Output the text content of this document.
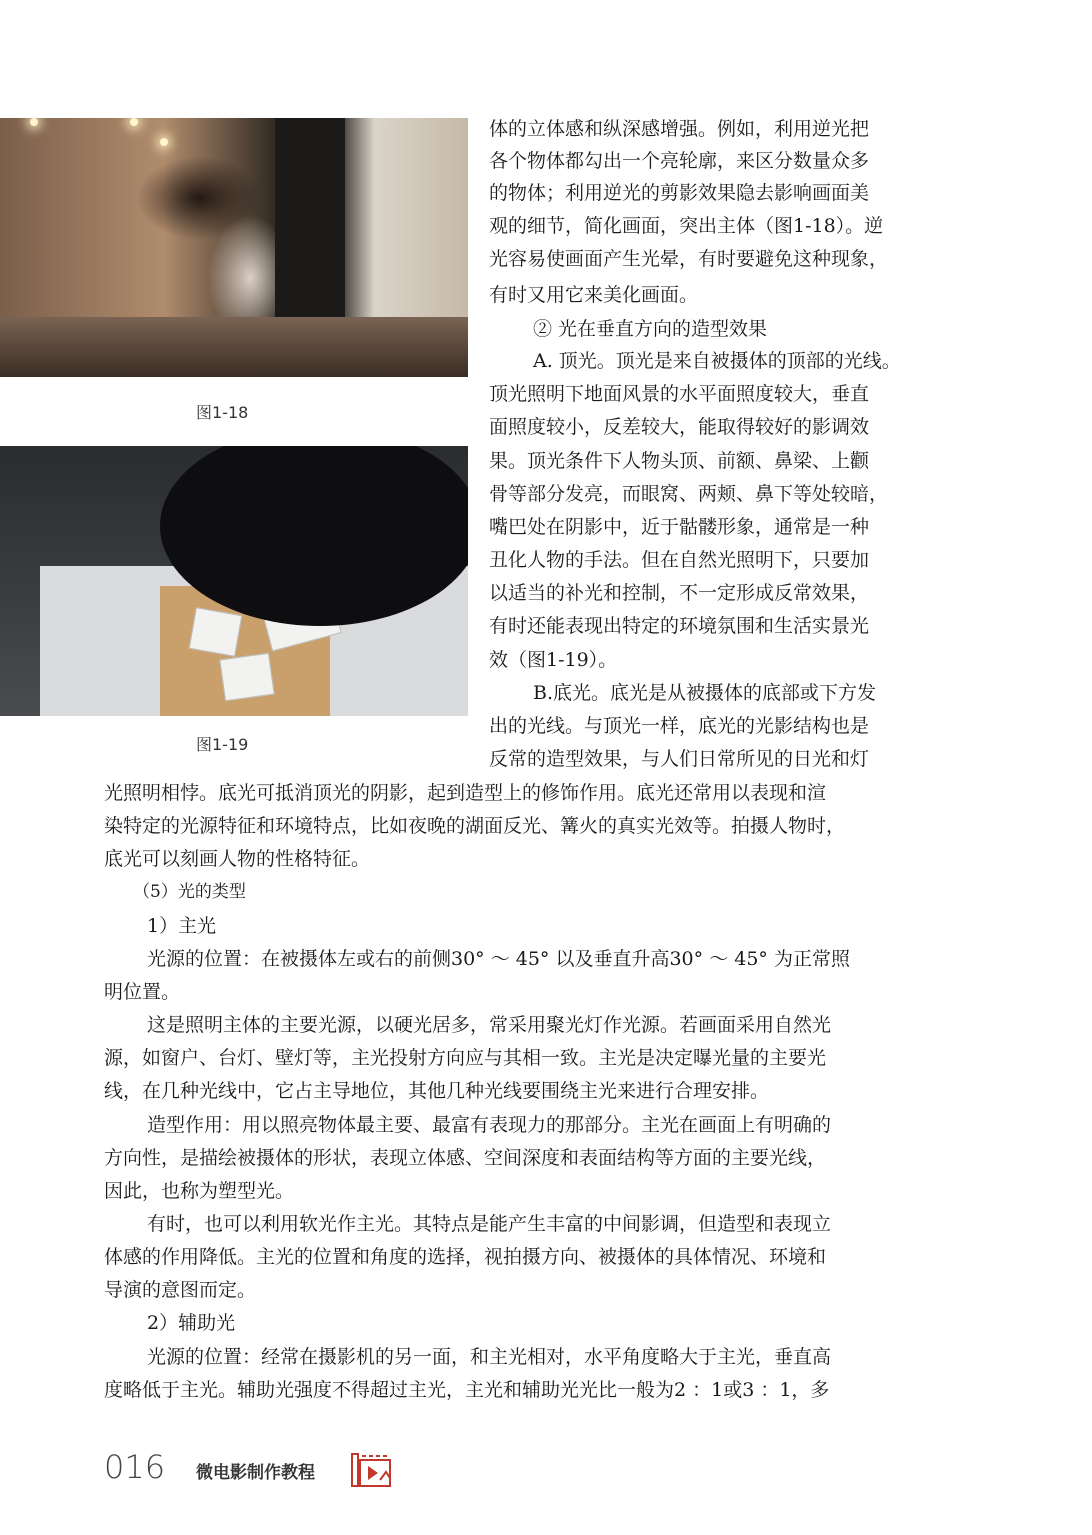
图1-18
图1-19
体的立体感和纵深感增强。例如，利用逆光把
各个物体都勾出一个亮轮廓，来区分数量众多
的物体；利用逆光的剪影效果隐去影响画面美
观的细节，简化画面，突出主体（图1-18）。逆
光容易使画面产生光晕，有时要避免这种现象，
有时又用它来美化画面。
② 光在垂直方向的造型效果
A. 顶光。顶光是来自被摄体的顶部的光线。
顶光照明下地面风景的水平面照度较大，垂直
面照度较小，反差较大，能取得较好的影调效
果。顶光条件下人物头顶、前额、鼻梁、上颧
骨等部分发亮，而眼窝、两颊、鼻下等处较暗，
嘴巴处在阴影中，近于骷髅形象，通常是一种
丑化人物的手法。但在自然光照明下，只要加
以适当的补光和控制，不一定形成反常效果，
有时还能表现出特定的环境氛围和生活实景光
效（图1-19）。
B.底光。底光是从被摄体的底部或下方发
出的光线。与顶光一样，底光的光影结构也是
反常的造型效果，与人们日常所见的日光和灯
光照明相悖。底光可抵消顶光的阴影，起到造型上的修饰作用。底光还常用以表现和渲
染特定的光源特征和环境特点，比如夜晚的湖面反光、篝火的真实光效等。拍摄人物时，
底光可以刻画人物的性格特征。
（5）光的类型
1）主光
光源的位置：在被摄体左或右的前侧30° ～ 45° 以及垂直升高30° ～ 45° 为正常照
明位置。
这是照明主体的主要光源，以硬光居多，常采用聚光灯作光源。若画面采用自然光
源，如窗户、台灯、壁灯等，主光投射方向应与其相一致。主光是决定曝光量的主要光
线，在几种光线中，它占主导地位，其他几种光线要围绕主光来进行合理安排。
造型作用：用以照亮物体最主要、最富有表现力的那部分。主光在画面上有明确的
方向性，是描绘被摄体的形状，表现立体感、空间深度和表面结构等方面的主要光线，
因此，也称为塑型光。
有时，也可以利用软光作主光。其特点是能产生丰富的中间影调，但造型和表现立
体感的作用降低。主光的位置和角度的选择，视拍摄方向、被摄体的具体情况、环境和
导演的意图而定。
2）辅助光
光源的位置：经常在摄影机的另一面，和主光相对，水平角度略大于主光，垂直高
度略低于主光。辅助光强度不得超过主光，主光和辅助光光比一般为2 ：1或3 ：1，多
016 微电影制作教程
